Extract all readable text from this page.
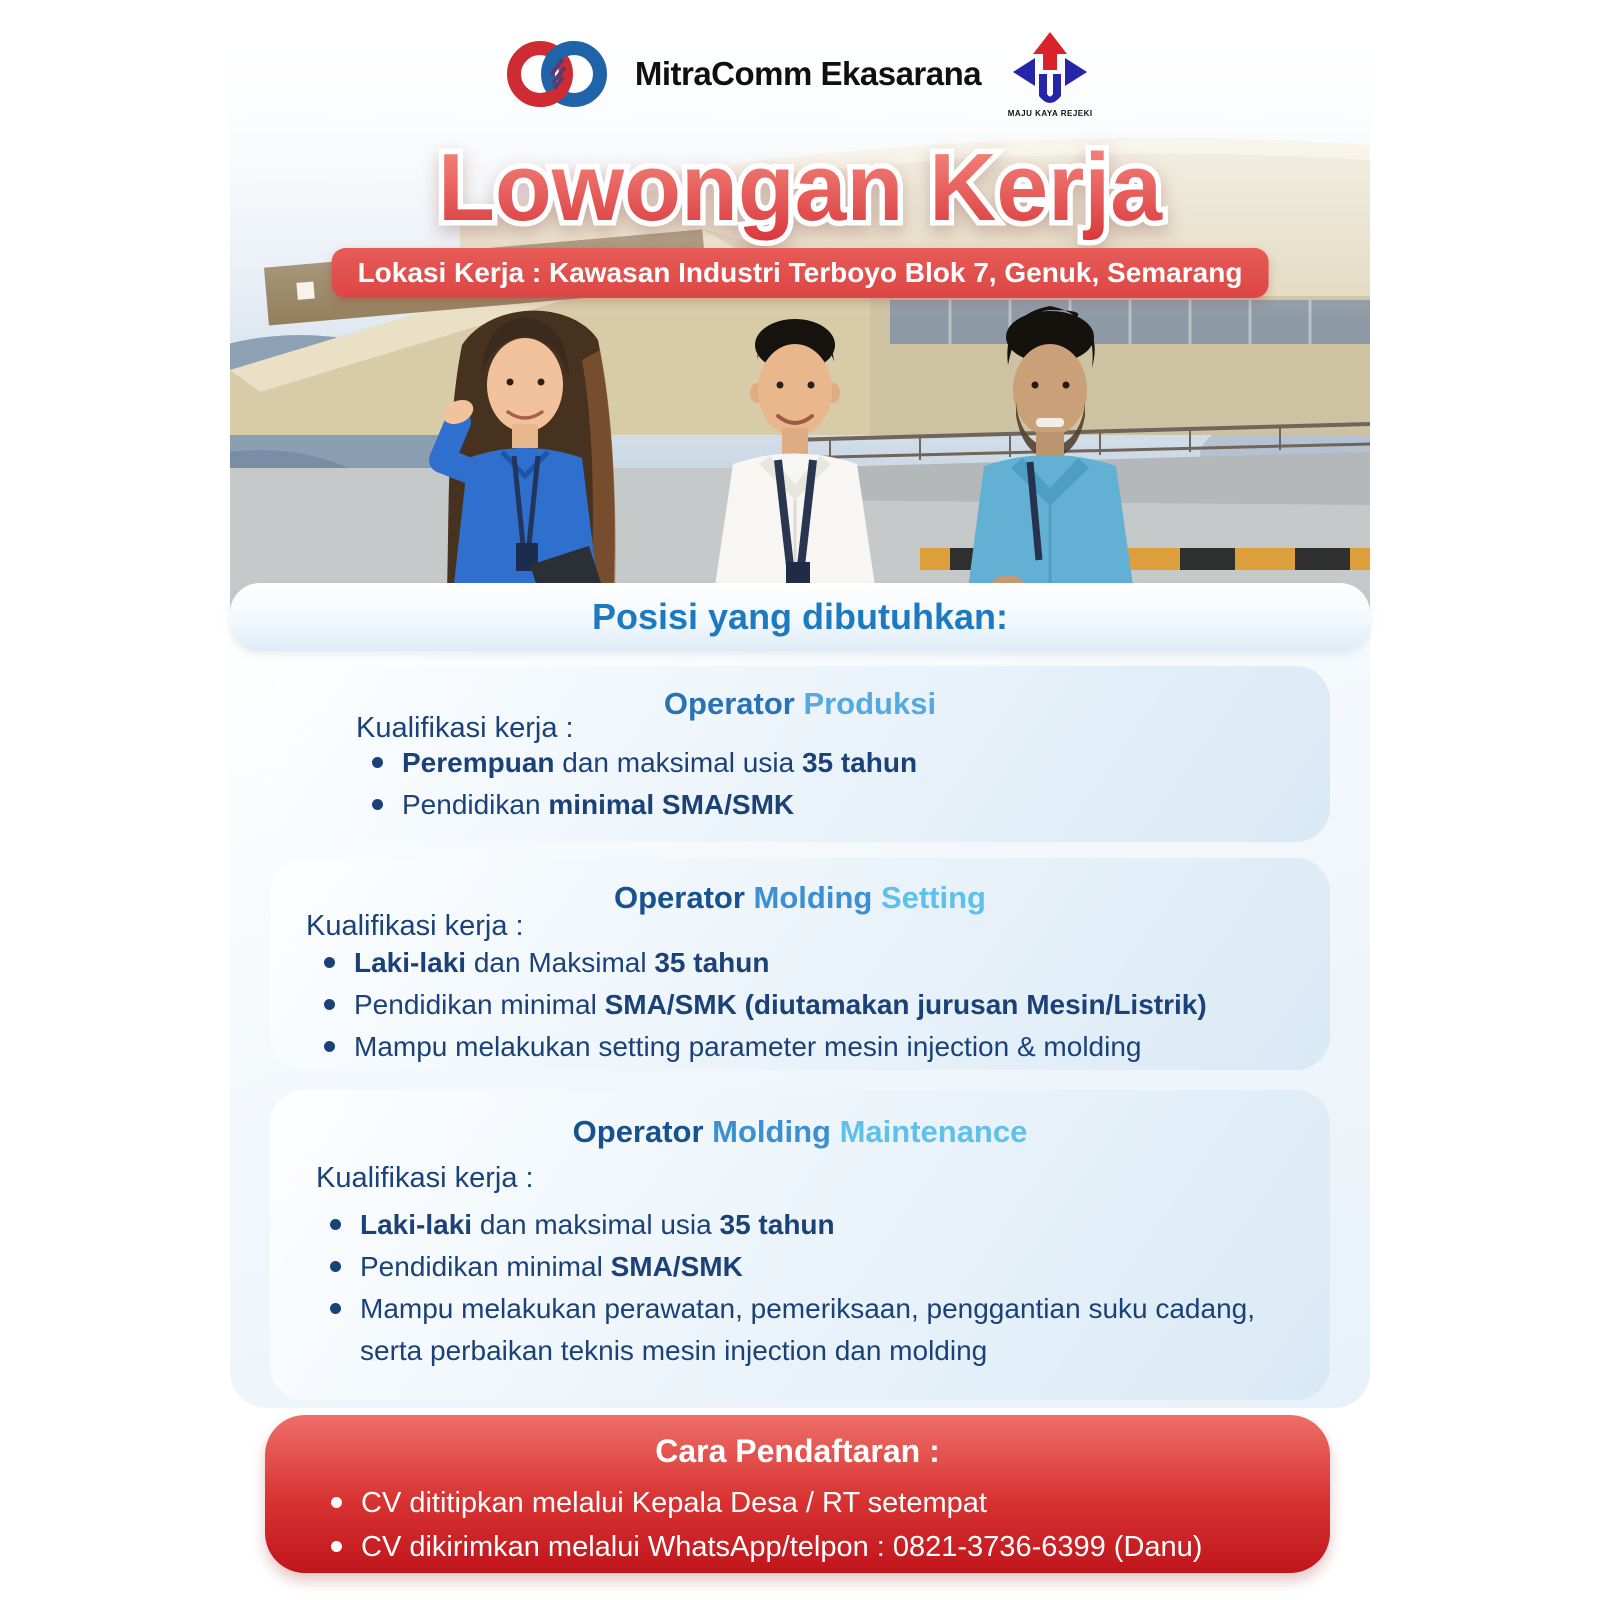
MitraComm Ekasarana
MAJU KAYA REJEKI
Lowongan Kerja
Lokasi Kerja : Kawasan Industri Terboyo Blok 7, Genuk, Semarang
Posisi yang dibutuhkan:
Operator Produksi
Kualifikasi kerja :
Perempuan dan maksimal usia 35 tahun
Pendidikan minimal SMA/SMK
Operator Molding Setting
Kualifikasi kerja :
Laki-laki dan Maksimal 35 tahun
Pendidikan minimal SMA/SMK (diutamakan jurusan Mesin/Listrik)
Mampu melakukan setting parameter mesin injection & molding
Operator Molding Maintenance
Kualifikasi kerja :
Laki-laki dan maksimal usia 35 tahun
Pendidikan minimal SMA/SMK
Mampu melakukan perawatan, pemeriksaan, penggantian suku cadang, serta perbaikan teknis mesin injection dan molding
Cara Pendaftaran :
CV dititipkan melalui Kepala Desa / RT setempat
CV dikirimkan melalui WhatsApp/telpon : 0821-3736-6399 (Danu)
